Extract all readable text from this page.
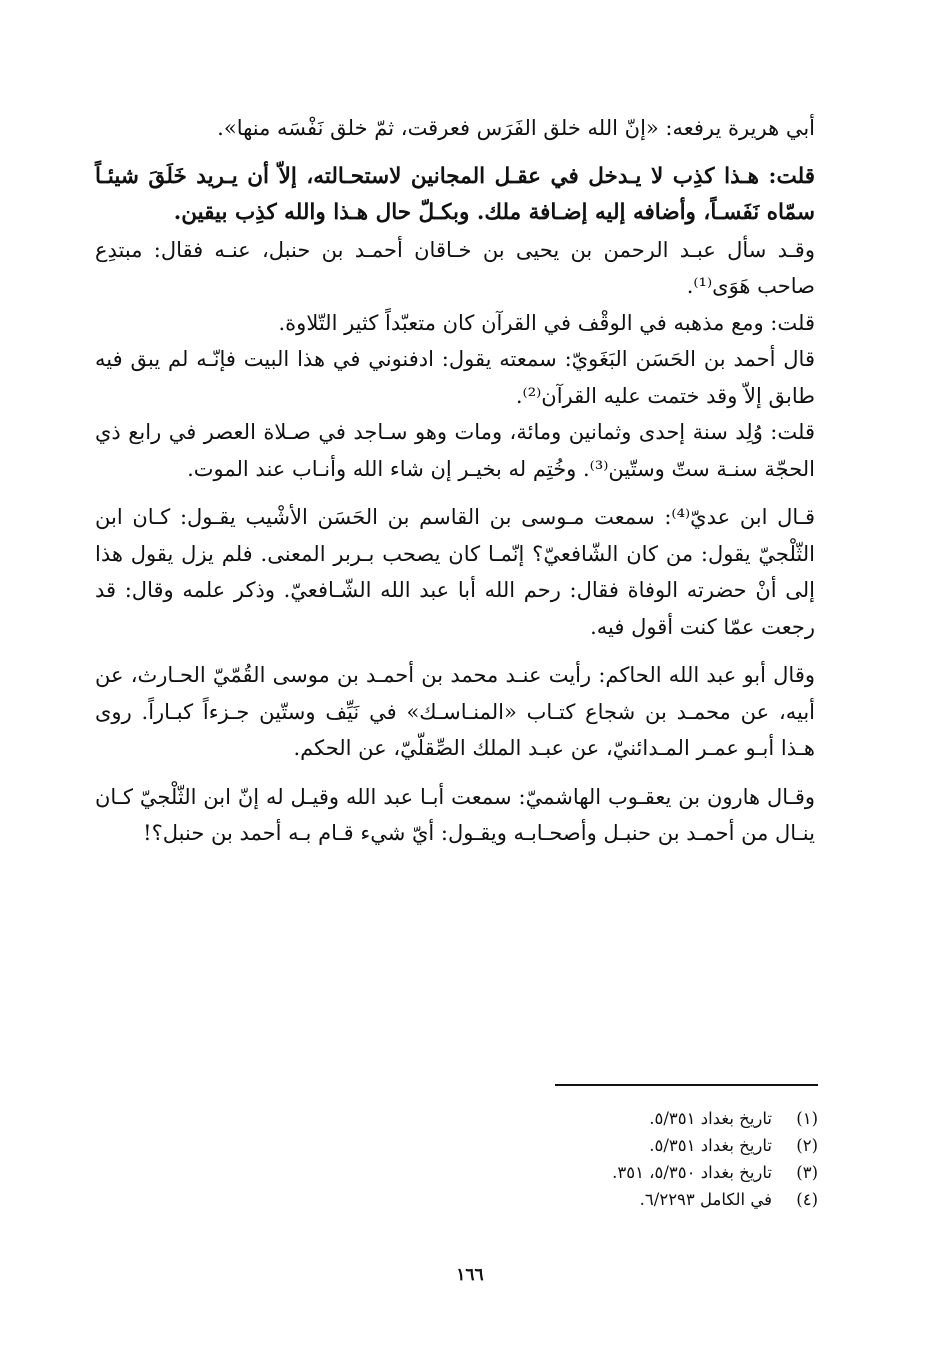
أبي هريرة يرفعه: «إنّ الله خلق الفَرَس فعرقت، ثمّ خلق نَفْسَه منها».

قلت: هـذا كذِب لا يـدخل في عقـل المجانين لاستحـالته، إلاّ أن يـريد خَلَقَ شيئـاً سمّاه نَفَسـاً، وأضافه إليه إضـافة ملك. وبكـلّ حال هـذا والله كذِب بيقين.

وقـد سأل عبـد الرحمن بن يحيى بن خـاقان أحمـد بن حنبل، عنـه فقال: مبتدِع صاحب هَوَى⁽¹⁾.

قلت: ومع مذهبه في الوقْف في القرآن كان متعبّداً كثير التّلاوة.

قال أحمد بن الحَسَن البَغَويّ: سمعته يقول: ادفنوني في هذا البيت فإنّـه لم يبق فيه طابق إلاّ وقد ختمت عليه القرآن⁽²⁾.

قلت: وُلِد سنة إحدى وثمانين ومائة، ومات وهو سـاجد في صـلاة العصر في رابع ذي الحجّة سنـة ستّ وستّين⁽³⁾. وخُتِم له بخيـر إن شاء الله وأنـاب عند الموت.

قـال ابن عديّ⁽⁴⁾: سمعت مـوسى بن القاسم بن الحَسَن الأشْيب يقـول: كـان ابن الثّلْجيّ يقول: من كان الشّافعيّ؟ إنّمـا كان يصحب بـربر المعنى. فلم يزل يقول هذا إلى أنْ حضرته الوفاة فقال: رحم الله أبا عبد الله الشّـافعيّ. وذكر علمه وقال: قد رجعت عمّا كنت أقول فيه.

وقال أبو عبد الله الحاكم: رأيت عنـد محمد بن أحمـد بن موسى القُمّيّ الحـارث، عن أبيه، عن محمـد بن شجاع كتـاب «المنـاسـك» في نَيِّف وستّين جـزءاً كبـاراً. روى هـذا أبـو عمـر المـدائنيّ، عن عبـد الملك الصِّقلّيّ، عن الحكم.

وقـال هارون بن يعقـوب الهاشميّ: سمعت أبـا عبد الله وقيـل له إنّ ابن الثّلْجيّ كـان ينـال من أحمـد بن حنبـل وأصحـابـه ويقـول: أيّ شيء قـام بـه أحمد بن حنبل؟!

(١)
تاريخ بغداد ٥/٣٥١.
(٢)
تاريخ بغداد ٥/٣٥١.
(٣)
تاريخ بغداد ٥/٣٥٠، ٣٥١.
(٤)
في الكامل ٦/٢٢٩٣.
١٦٦
